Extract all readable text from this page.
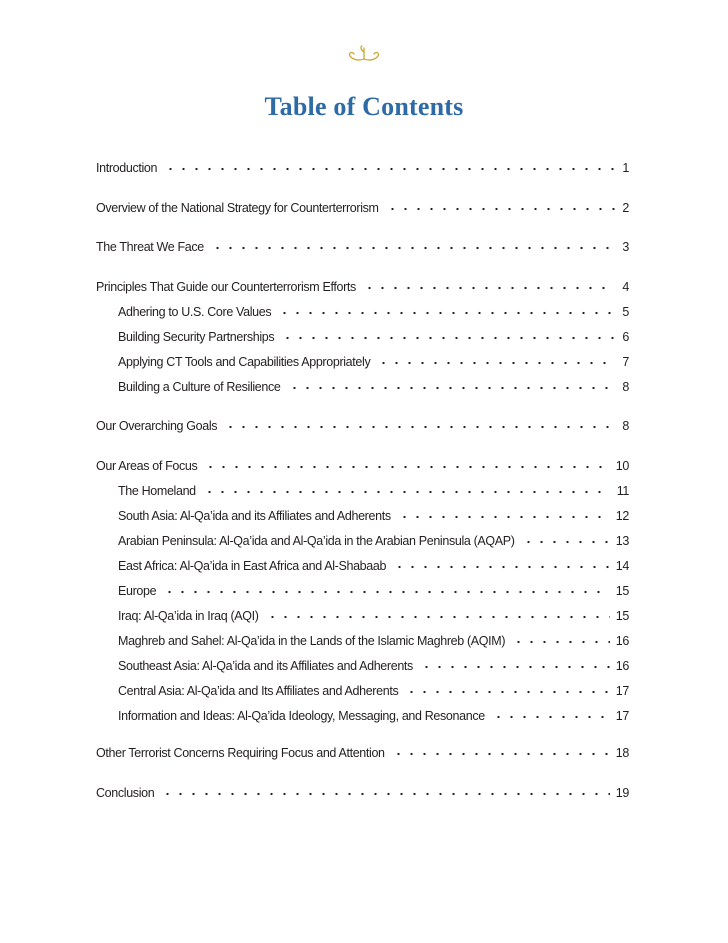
Table of Contents
Introduction	1
Overview of the National Strategy for Counterterrorism	2
The Threat We Face	3
Principles That Guide our Counterterrorism Efforts	4
Adhering to U.S. Core Values	5
Building Security Partnerships	6
Applying CT Tools and Capabilities Appropriately	7
Building a Culture of Resilience	8
Our Overarching Goals	8
Our Areas of Focus	10
The Homeland	11
South Asia: Al-Qa’ida and its Affiliates and Adherents	12
Arabian Peninsula: Al-Qa’ida and Al-Qa’ida in the Arabian Peninsula (AQAP)	13
East Africa: Al-Qa’ida in East Africa and Al-Shabaab	14
Europe	15
Iraq: Al-Qa’ida in Iraq (AQI)	15
Maghreb and Sahel: Al-Qa’ida in the Lands of the Islamic Maghreb (AQIM)	16
Southeast Asia: Al-Qa’ida and its Affiliates and Adherents	16
Central Asia: Al-Qa’ida and Its Affiliates and Adherents	17
Information and Ideas: Al-Qa’ida Ideology, Messaging, and Resonance	17
Other Terrorist Concerns Requiring Focus and Attention	18
Conclusion	19
